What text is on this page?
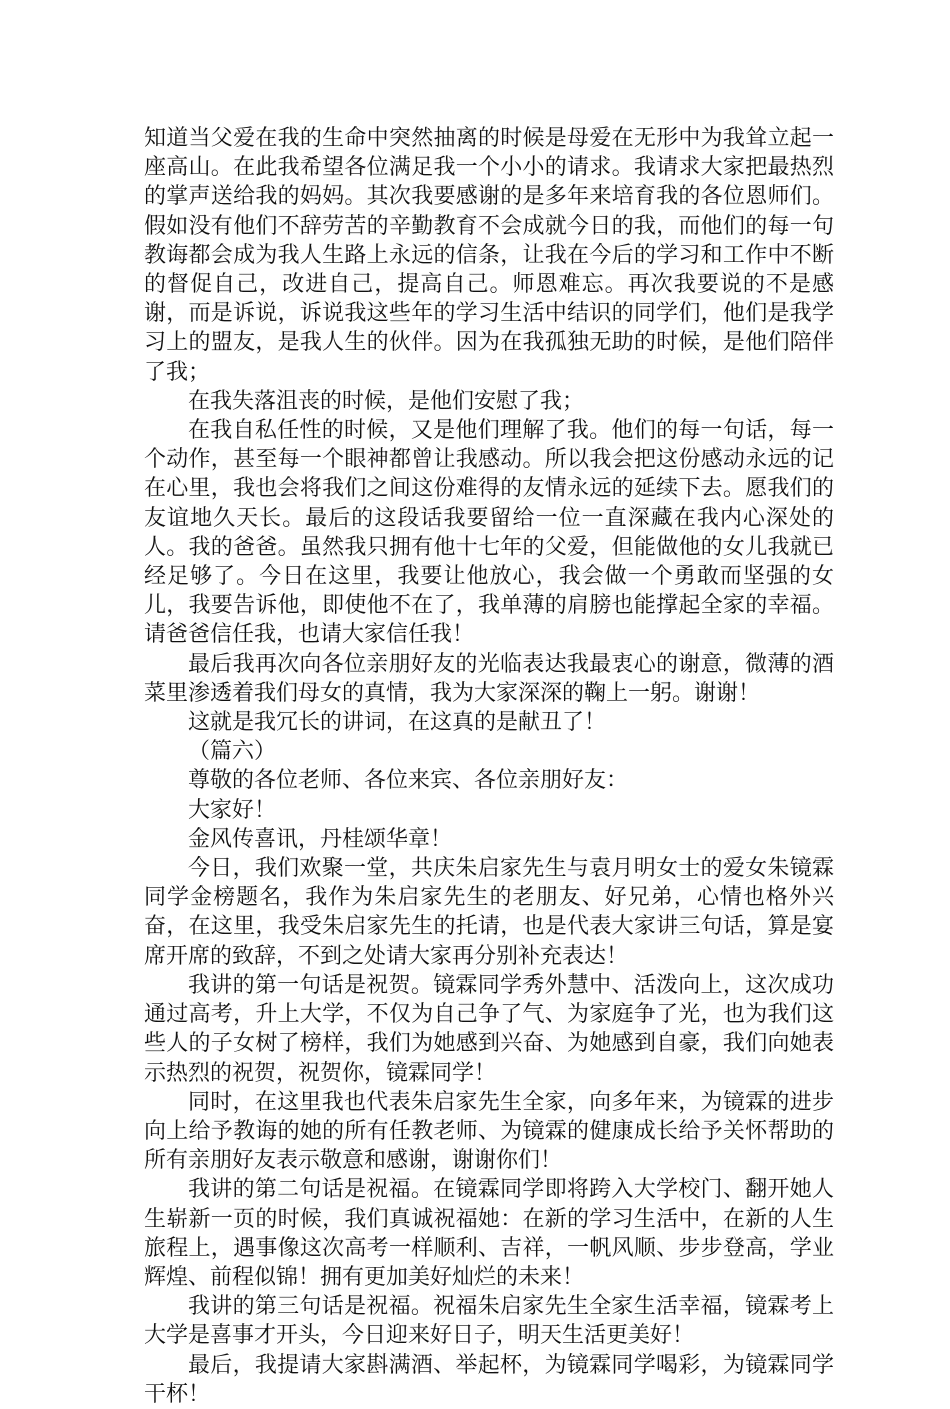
知道当父爱在我的生命中突然抽离的时候是母爱在无形中为我耸立起一座高山。在此我希望各位满足我一个小小的请求。我请求大家把最热烈的掌声送给我的妈妈。其次我要感谢的是多年来培育我的各位恩师们。假如没有他们不辞劳苦的辛勤教育不会成就今日的我，而他们的每一句教诲都会成为我人生路上永远的信条，让我在今后的学习和工作中不断的督促自己，改进自己，提高自己。师恩难忘。再次我要说的不是感谢，而是诉说，诉说我这些年的学习生活中结识的同学们，他们是我学习上的盟友，是我人生的伙伴。因为在我孤独无助的时候，是他们陪伴了我；

在我失落沮丧的时候，是他们安慰了我；

在我自私任性的时候，又是他们理解了我。他们的每一句话，每一个动作，甚至每一个眼神都曾让我感动。所以我会把这份感动永远的记在心里，我也会将我们之间这份难得的友情永远的延续下去。愿我们的友谊地久天长。最后的这段话我要留给一位一直深藏在我内心深处的人。我的爸爸。虽然我只拥有他十七年的父爱，但能做他的女儿我就已经足够了。今日在这里，我要让他放心，我会做一个勇敢而坚强的女儿，我要告诉他，即使他不在了，我单薄的肩膀也能撑起全家的幸福。请爸爸信任我，也请大家信任我！

最后我再次向各位亲朋好友的光临表达我最衷心的谢意，微薄的酒菜里渗透着我们母女的真情，我为大家深深的鞠上一躬。谢谢！

这就是我冗长的讲词，在这真的是献丑了！

（篇六）

尊敬的各位老师、各位来宾、各位亲朋好友：

大家好！

金风传喜讯，丹桂颂华章！

今日，我们欢聚一堂，共庆朱启家先生与袁月明女士的爱女朱镜霖同学金榜题名，我作为朱启家先生的老朋友、好兄弟，心情也格外兴奋，在这里，我受朱启家先生的托请，也是代表大家讲三句话，算是宴席开席的致辞，不到之处请大家再分别补充表达！

我讲的第一句话是祝贺。镜霖同学秀外慧中、活泼向上，这次成功通过高考，升上大学，不仅为自己争了气、为家庭争了光，也为我们这些人的子女树了榜样，我们为她感到兴奋、为她感到自豪，我们向她表示热烈的祝贺，祝贺你，镜霖同学！

同时，在这里我也代表朱启家先生全家，向多年来，为镜霖的进步向上给予教诲的她的所有任教老师、为镜霖的健康成长给予关怀帮助的所有亲朋好友表示敬意和感谢，谢谢你们！

我讲的第二句话是祝福。在镜霖同学即将跨入大学校门、翻开她人生崭新一页的时候，我们真诚祝福她：在新的学习生活中，在新的人生旅程上，遇事像这次高考一样顺利、吉祥，一帆风顺、步步登高，学业辉煌、前程似锦！拥有更加美好灿烂的未来！

我讲的第三句话是祝福。祝福朱启家先生全家生活幸福，镜霖考上大学是喜事才开头，今日迎来好日子，明天生活更美好！

最后，我提请大家斟满酒、举起杯，为镜霖同学喝彩，为镜霖同学干杯！
